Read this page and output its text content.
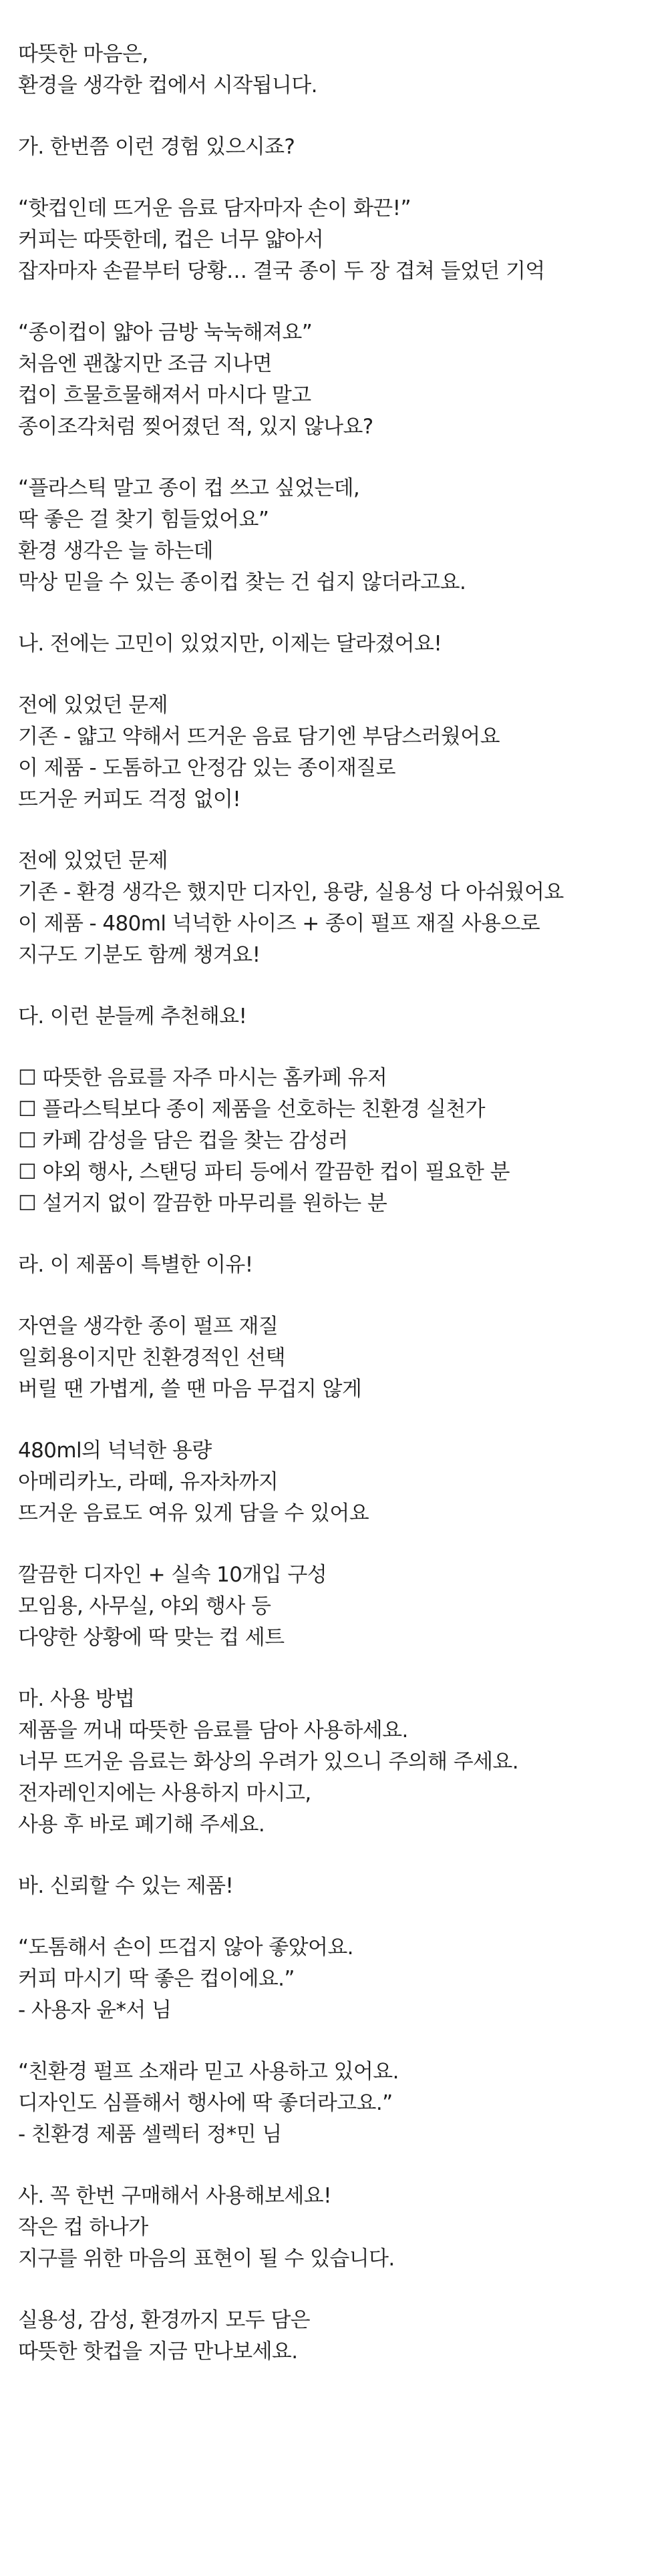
따뜻한 마음은,
환경을 생각한 컵에서 시작됩니다.
가. 한번쯤 이런 경험 있으시죠?
“핫컵인데 뜨거운 음료 담자마자 손이 화끈!”
커피는 따뜻한데, 컵은 너무 얇아서
잡자마자 손끝부터 당황… 결국 종이 두 장 겹쳐 들었던 기억
“종이컵이 얇아 금방 눅눅해져요”
처음엔 괜찮지만 조금 지나면
컵이 흐물흐물해져서 마시다 말고
종이조각처럼 찢어졌던 적, 있지 않나요?
“플라스틱 말고 종이 컵 쓰고 싶었는데,
딱 좋은 걸 찾기 힘들었어요”
환경 생각은 늘 하는데
막상 믿을 수 있는 종이컵 찾는 건 쉽지 않더라고요.
나. 전에는 고민이 있었지만, 이제는 달라졌어요!
전에 있었던 문제
기존 - 얇고 약해서 뜨거운 음료 담기엔 부담스러웠어요
이 제품 - 도톰하고 안정감 있는 종이재질로
뜨거운 커피도 걱정 없이!
전에 있었던 문제
기존 - 환경 생각은 했지만 디자인, 용량, 실용성 다 아쉬웠어요
이 제품 - 480ml 넉넉한 사이즈 + 종이 펄프 재질 사용으로
지구도 기분도 함께 챙겨요!
다. 이런 분들께 추천해요!
☐ 따뜻한 음료를 자주 마시는 홈카페 유저
☐ 플라스틱보다 종이 제품을 선호하는 친환경 실천가
☐ 카페 감성을 담은 컵을 찾는 감성러
☐ 야외 행사, 스탠딩 파티 등에서 깔끔한 컵이 필요한 분
☐ 설거지 없이 깔끔한 마무리를 원하는 분
라. 이 제품이 특별한 이유!
자연을 생각한 종이 펄프 재질
일회용이지만 친환경적인 선택
버릴 땐 가볍게, 쓸 땐 마음 무겁지 않게
480ml의 넉넉한 용량
아메리카노, 라떼, 유자차까지
뜨거운 음료도 여유 있게 담을 수 있어요
깔끔한 디자인 + 실속 10개입 구성
모임용, 사무실, 야외 행사 등
다양한 상황에 딱 맞는 컵 세트
마. 사용 방법
제품을 꺼내 따뜻한 음료를 담아 사용하세요.
너무 뜨거운 음료는 화상의 우려가 있으니 주의해 주세요.
전자레인지에는 사용하지 마시고,
사용 후 바로 폐기해 주세요.
바. 신뢰할 수 있는 제품!
“도톰해서 손이 뜨겁지 않아 좋았어요.
커피 마시기 딱 좋은 컵이에요.”
- 사용자 윤*서 님
“친환경 펄프 소재라 믿고 사용하고 있어요.
디자인도 심플해서 행사에 딱 좋더라고요.”
- 친환경 제품 셀렉터 정*민 님
사. 꼭 한번 구매해서 사용해보세요!
작은 컵 하나가
지구를 위한 마음의 표현이 될 수 있습니다.
실용성, 감성, 환경까지 모두 담은
따뜻한 핫컵을 지금 만나보세요.
